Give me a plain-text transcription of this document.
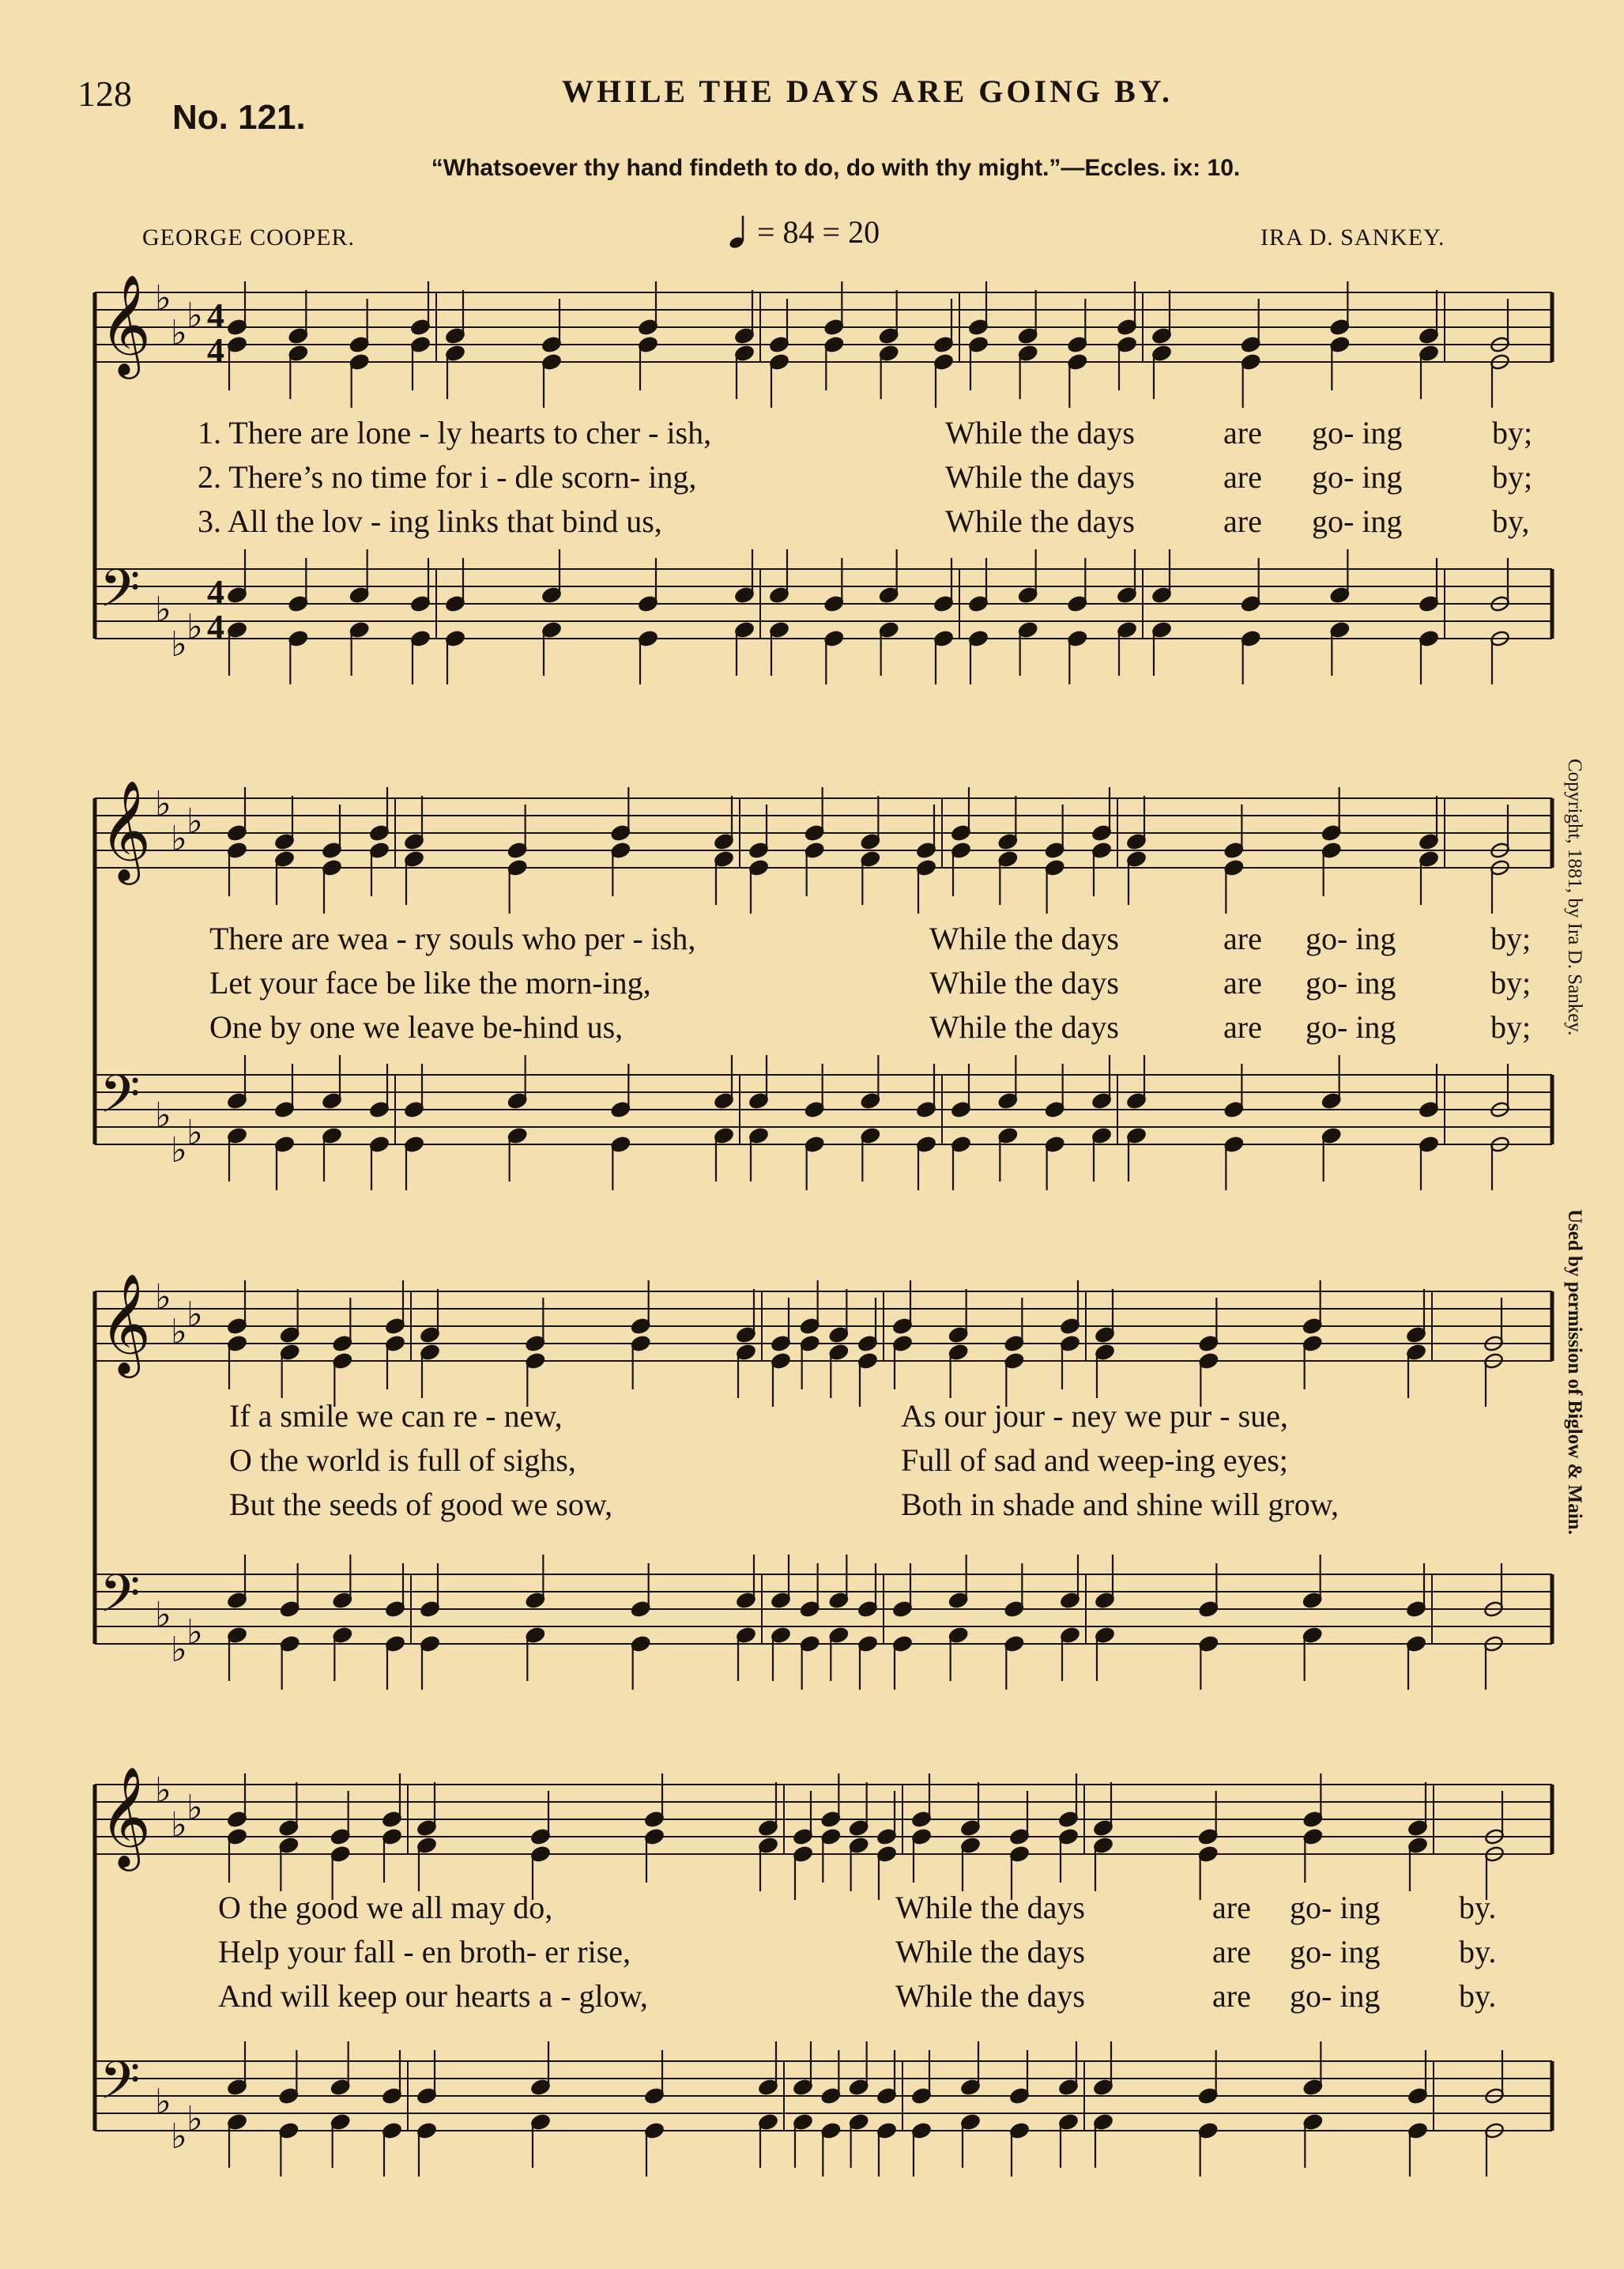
128	WHILE THE DAYS ARE GOING BY.
No. 121.
“Whatsoever thy hand findeth to do, do with thy might.”—Eccles. ix: 10.
GEORGE COOPER.	= 84 = 20	IRA D. SANKEY.
Copyright, 1881, by Ira D. Sankey.
Used by permission of Biglow & Main.
𝄞 ♭
♭ ♭ 4
4
𝄢 ♭
♭ ♭
4
4
𝄞 ♭
♭ ♭
𝄢 ♭
♭ ♭
𝄞 ♭
♭ ♭
𝄢 ♭
♭ ♭
𝄞 ♭
♭ ♭
𝄢 ♭
♭ ♭
1. There are lone - ly hearts to cher - ish,	While the days	are go- ing	by;
2. There’s no time for i - dle scorn- ing,	While the days	are go- ing	by;
3. All the lov - ing links that bind us,	While the days	are go- ing	by,
There are wea - ry souls who per - ish,	While the days	are go- ing	by;
Let your face be like the morn-ing,	While the days	are go- ing	by;
One by one we leave be-hind us,	While the days	are go- ing	by;
If a smile we can re - new,	As our jour - ney we pur - sue,
O the world is full of sighs,	Full of sad and weep-ing eyes;
But the seeds of good we sow,	Both in shade and shine will grow,
O the good we all may do,	While the days	are go- ing by.
Help your fall - en broth- er rise,	While the days	are go- ing by.
And will keep our hearts a - glow,	While the days	are go- ing by.
